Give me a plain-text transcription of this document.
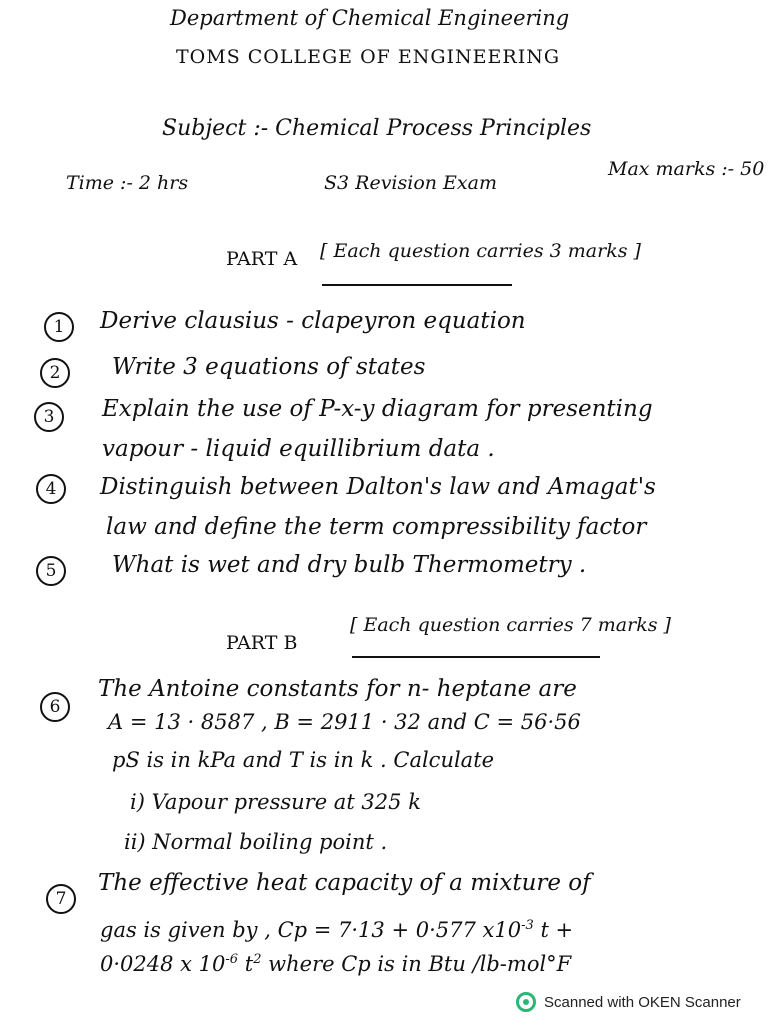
Department of Chemical Engineering
TOMS COLLEGE OF ENGINEERING
Subject :- Chemical Process Principles
Time :- 2 hrs	S3 Revision Exam
Max marks :- 50
PART A [ Each question carries 3 marks ]
1	Derive clausius - clapeyron equation
2	Write 3 equations of states
3	Explain the use of P-x-y diagram for presenting
vapour - liquid equillibrium data .
4	Distinguish between Dalton's law and Amagat's
law and define the term compressibility factor
5	What is wet and dry bulb Thermometry .
PART B
[ Each question carries 7 marks ]
6
The Antoine constants for n- heptane are
A = 13 · 8587 , B = 2911 · 32 and C = 56·56
pS is in kPa and T is in k . Calculate
i) Vapour pressure at 325 k
ii) Normal boiling point .
7
The effective heat capacity of a mixture of
gas is given by , Cp = 7·13 + 0·577 $x10^{-3}$ t +
0·0248 x $10^{-6}$ $t^2$ where Cp is in Btu /lb-mol°F
Scanned with OKEN Scanner
